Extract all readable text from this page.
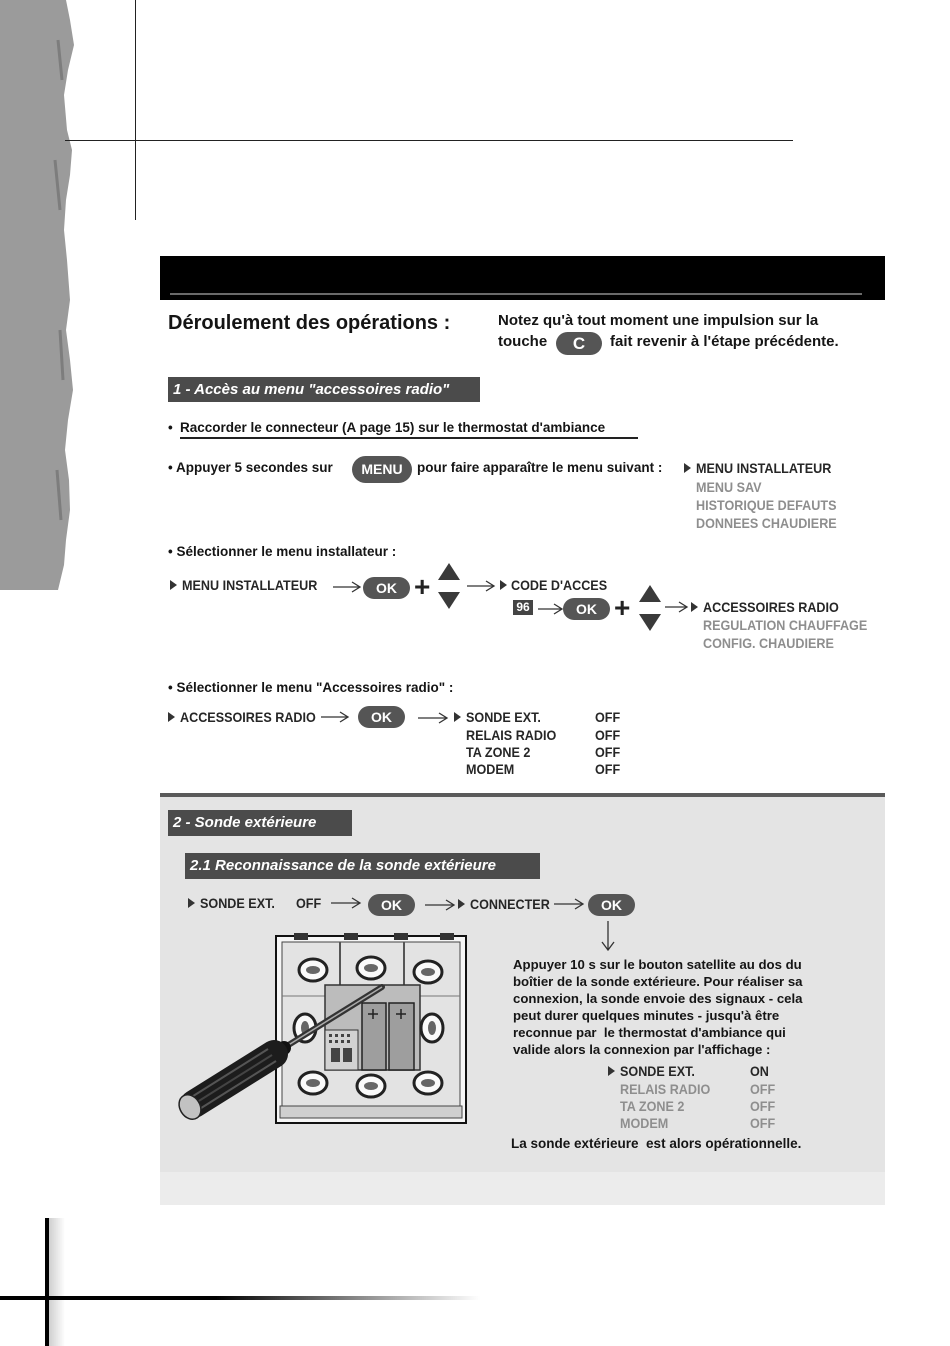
Déroulement des opérations :	Notez qu'à tout moment une impulsion sur la
touche	C	fait revenir à l'étape précédente.
1 - Accès au menu "accessoires radio"
• Raccorder le connecteur (A page 15) sur le thermostat d'ambiance
• Appuyer 5 secondes sur	MENU	pour faire apparaître le menu suivant : MENU INSTALLATEUR
MENU SAV
HISTORIQUE DEFAUTS
DONNEES CHAUDIERE
• Sélectionner le menu installateur :
MENU INSTALLATEUR	OK +	CODE D'ACCES
96	OK +	ACCESSOIRES RADIO
REGULATION CHAUFFAGE
CONFIG. CHAUDIERE
• Sélectionner le menu "Accessoires radio" :
ACCESSOIRES RADIO	OK	SONDE EXT.	OFF
RELAIS RADIO	OFF
TA ZONE 2	OFF
MODEM	OFF
2 - Sonde extérieure
2.1 Reconnaissance de la sonde extérieure
SONDE EXT. OFF	OK	CONNECTER	OK
Appuyer 10 s sur le bouton satellite au dos du
boîtier de la sonde extérieure. Pour réaliser sa
connexion, la sonde envoie des signaux - cela
peut durer quelques minutes - jusqu'à être
reconnue par  le thermostat d'ambiance qui
valide alors la connexion par l'affichage :
SONDE EXT.	ON
RELAIS RADIO	OFF
TA ZONE 2	OFF
MODEM	OFF
La sonde extérieure  est alors opérationnelle.
